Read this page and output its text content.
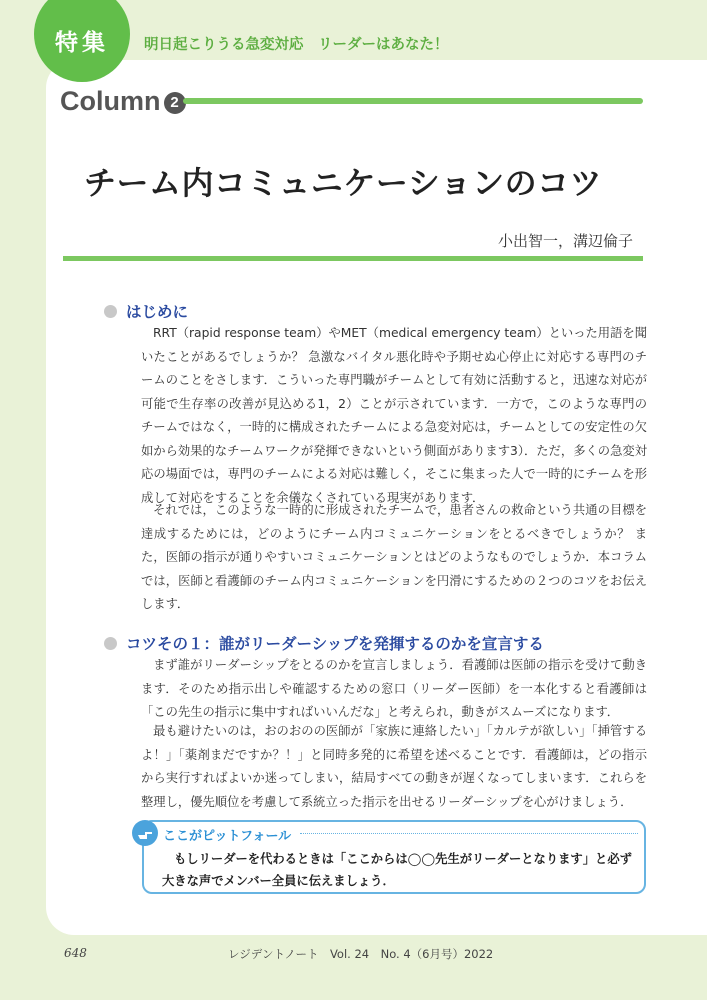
特集	明日起こりうる急変対応　リーダーはあなた！
Column 2
チーム内コミュニケーションのコツ
小出智一，溝辺倫子
はじめに

RRT（rapid response team）やMET（medical emergency team）といった用語を聞いたことがあるでしょうか？ 急激なバイタル悪化時や予期せぬ心停止に対応する専門のチームのことをさします．こういった専門職がチームとして有効に活動すると，迅速な対応が可能で生存率の改善が見込める1，2）ことが示されています．一方で，このような専門のチームではなく，一時的に構成されたチームによる急変対応は，チームとしての安定性の欠如から効果的なチームワークが発揮できないという側面があります3）．ただ，多くの急変対応の場面では，専門のチームによる対応は難しく，そこに集まった人で一時的にチームを形成して対応をすることを余儀なくされている現実があります．

それでは，このような一時的に形成されたチームで，患者さんの救命という共通の目標を達成するためには，どのようにチーム内コミュニケーションをとるべきでしょうか？ また，医師の指示が通りやすいコミュニケーションとはどのようなものでしょうか．本コラムでは，医師と看護師のチーム内コミュニケーションを円滑にするための２つのコツをお伝えします．

コツその１：誰がリーダーシップを発揮するのかを宣言する

まず誰がリーダーシップをとるのかを宣言しましょう．看護師は医師の指示を受けて動きます．そのため指示出しや確認するための窓口（リーダー医師）を一本化すると看護師は「この先生の指示に集中すればいいんだな」と考えられ，動きがスムーズになります．

最も避けたいのは，おのおのの医師が「家族に連絡したい」「カルテが欲しい」「挿管するよ！」「薬剤まだですか？！」と同時多発的に希望を述べることです．看護師は，どの指示から実行すればよいか迷ってしまい，結局すべての動きが遅くなってしまいます．これらを整理し，優先順位を考慮して系統立った指示を出せるリーダーシップを心がけましょう．

ここがピットフォール

もしリーダーを代わるときは「ここからは◯◯先生がリーダーとなります」と必ず大きな声でメンバー全員に伝えましょう．

648	レジデントノート　Vol. 24　No. 4（6月号）2022
